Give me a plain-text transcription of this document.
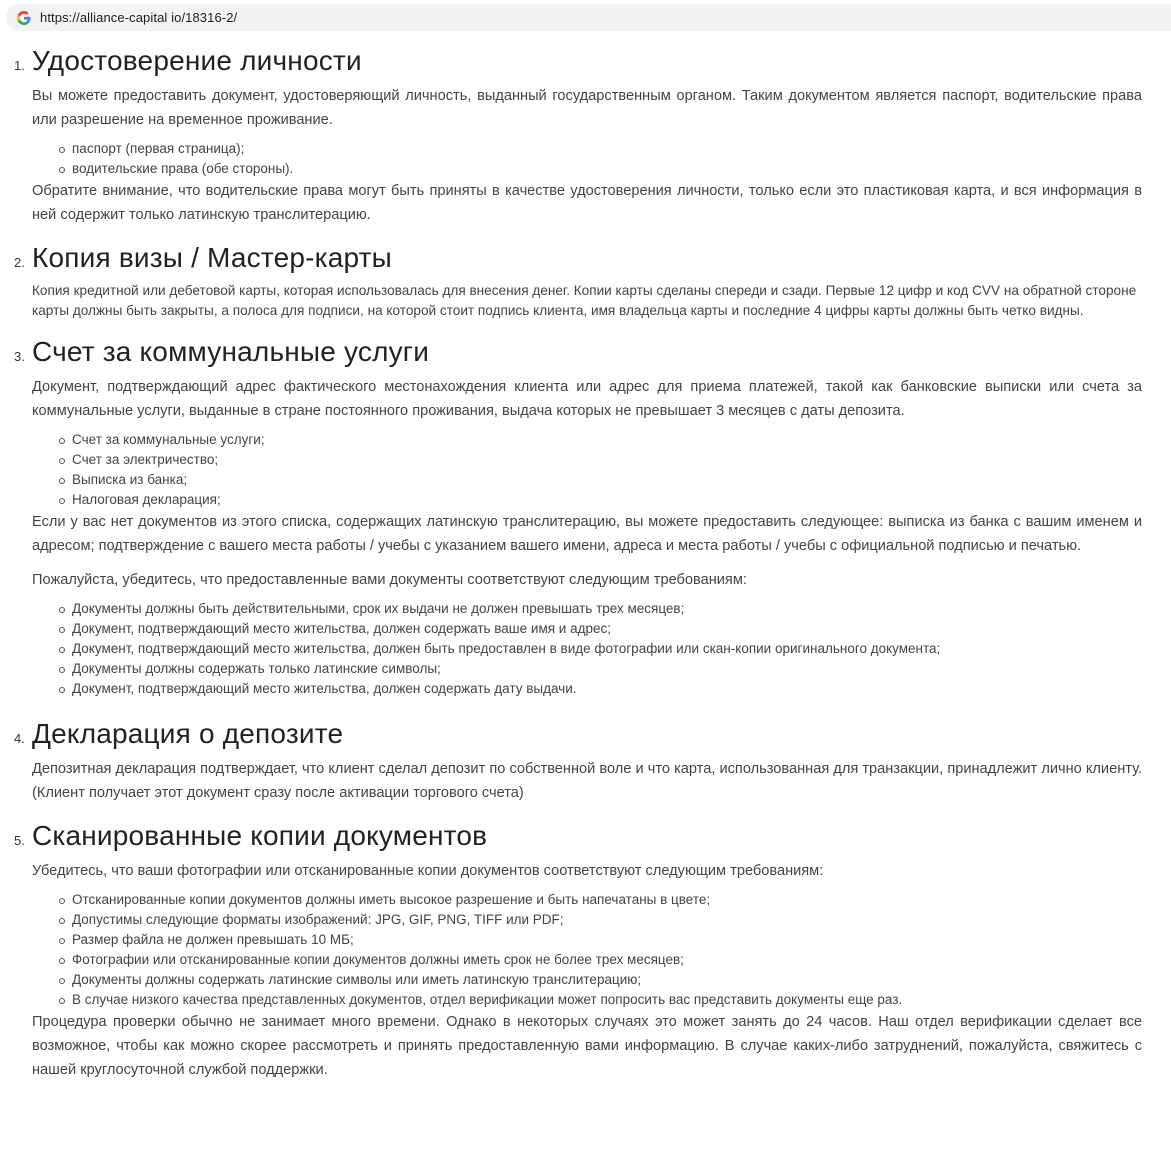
https://alliance-capital io/18316-2/
1. Удостоверение личности

Вы можете предоставить документ, удостоверяющий личность, выданный государственным органом. Таким документом является паспорт, водительские права или разрешение на временное проживание.

паспорт (первая страница);
водительские права (обе стороны).

Обратите внимание, что водительские права могут быть приняты в качестве удостоверения личности, только если это пластиковая карта, и вся информация в ней содержит только латинскую транслитерацию.

2. Копия визы / Мастер-карты

Копия кредитной или дебетовой карты, которая использовалась для внесения денег. Копии карты сделаны спереди и сзади. Первые 12 цифр и код CVV на обратной стороне карты должны быть закрыты, а полоса для подписи, на которой стоит подпись клиента, имя владельца карты и последние 4 цифры карты должны быть четко видны.

3. Счет за коммунальные услуги

Документ, подтверждающий адрес фактического местонахождения клиента или адрес для приема платежей, такой как банковские выписки или счета за коммунальные услуги, выданные в стране постоянного проживания, выдача которых не превышает 3 месяцев с даты депозита.

Счет за коммунальные услуги;
Счет за электричество;
Выписка из банка;
Налоговая декларация;

Если у вас нет документов из этого списка, содержащих латинскую транслитерацию, вы можете предоставить следующее: выписка из банка с вашим именем и адресом; подтверждение с вашего места работы / учебы с указанием вашего имени, адреса и места работы / учебы с официальной подписью и печатью.

Пожалуйста, убедитесь, что предоставленные вами документы соответствуют следующим требованиям:

Документы должны быть действительными, срок их выдачи не должен превышать трех месяцев;
Документ, подтверждающий место жительства, должен содержать ваше имя и адрес;
Документ, подтверждающий место жительства, должен быть предоставлен в виде фотографии или скан-копии оригинального документа;
Документы должны содержать только латинские символы;
Документ, подтверждающий место жительства, должен содержать дату выдачи.
4. Декларация о депозите

Депозитная декларация подтверждает, что клиент сделал депозит по собственной воле и что карта, использованная для транзакции, принадлежит лично клиенту. (Клиент получает этот документ сразу после активации торгового счета)

5. Сканированные копии документов

Убедитесь, что ваши фотографии или отсканированные копии документов соответствуют следующим требованиям:

Отсканированные копии документов должны иметь высокое разрешение и быть напечатаны в цвете;
Допустимы следующие форматы изображений: JPG, GIF, PNG, TIFF или PDF;
Размер файла не должен превышать 10 МБ;
Фотографии или отсканированные копии документов должны иметь срок не более трех месяцев;
Документы должны содержать латинские символы или иметь латинскую транслитерацию;
В случае низкого качества представленных документов, отдел верификации может попросить вас представить документы еще раз.

Процедура проверки обычно не занимает много времени. Однако в некоторых случаях это может занять до 24 часов. Наш отдел верификации сделает все возможное, чтобы как можно скорее рассмотреть и принять предоставленную вами информацию. В случае каких-либо затруднений, пожалуйста, свяжитесь с нашей круглосуточной службой поддержки.
